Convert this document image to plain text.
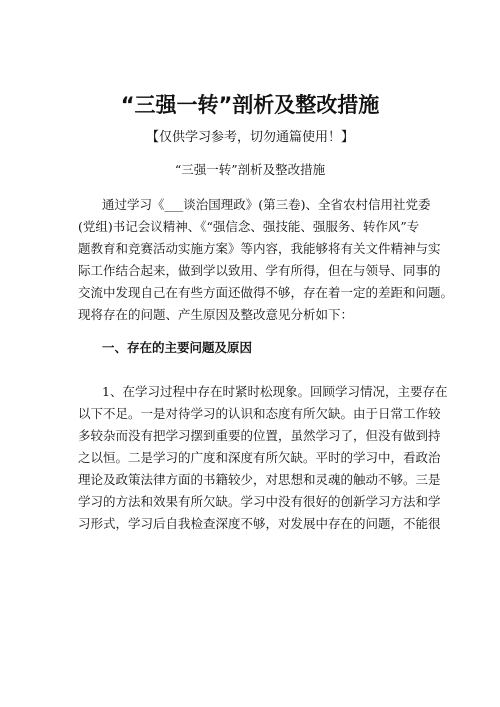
“三强一转”剖析及整改措施
【仅供学习参考，切勿通篇使用！】
“三强一转”剖析及整改措施

通过学习《___谈治国理政》(第三卷)、全省农村信用社党委
(党组)书记会议精神、《“强信念、强技能、强服务、转作风”专
题教育和竞赛活动实施方案》等内容，我能够将有关文件精神与实
际工作结合起来，做到学以致用、学有所得，但在与领导、同事的
交流中发现自己在有些方面还做得不够，存在着一定的差距和问题。
现将存在的问题、产生原因及整改意见分析如下：

一、存在的主要问题及原因

1、在学习过程中存在时紧时松现象。回顾学习情况，主要存在
以下不足。一是对待学习的认识和态度有所欠缺。由于日常工作较
多较杂而没有把学习摆到重要的位置，虽然学习了，但没有做到持
之以恒。二是学习的广度和深度有所欠缺。平时的学习中，看政治
理论及政策法律方面的书籍较少，对思想和灵魂的触动不够。三是
学习的方法和效果有所欠缺。学习中没有很好的创新学习方法和学
习形式，学习后自我检查深度不够，对发展中存在的问题，不能很
